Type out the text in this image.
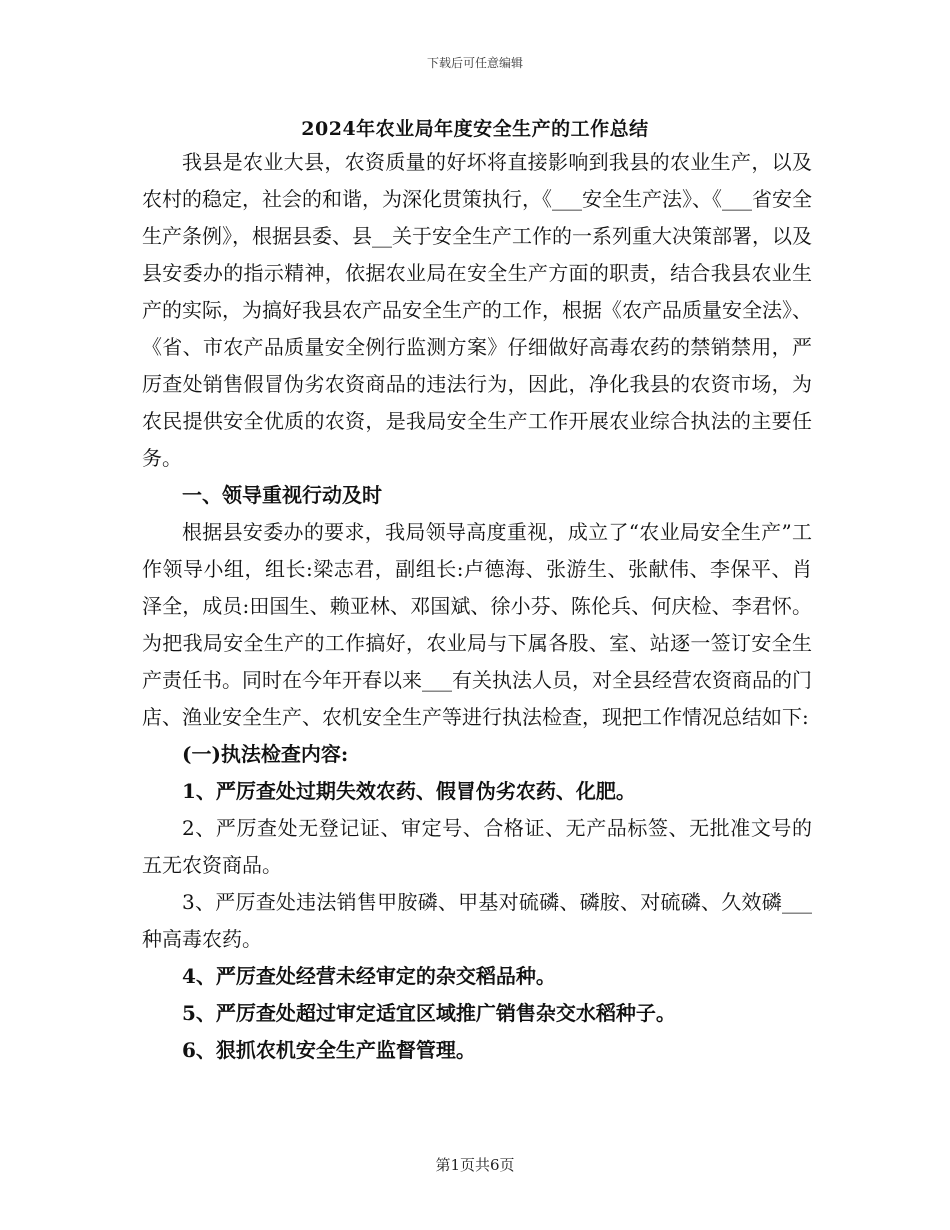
下载后可任意编辑
2024年农业局年度安全生产的工作总结

我县是农业大县，农资质量的好坏将直接影响到我县的农业生产，以及农村的稳定，社会的和谐，为深化贯策执行，《___安全生产法》、《___省安全生产条例》，根据县委、县__关于安全生产工作的一系列重大决策部署，以及县安委办的指示精神，依据农业局在安全生产方面的职责，结合我县农业生产的实际，为搞好我县农产品安全生产的工作，根据《农产品质量安全法》、《省、市农产品质量安全例行监测方案》仔细做好高毒农药的禁销禁用，严厉查处销售假冒伪劣农资商品的违法行为，因此，净化我县的农资市场，为农民提供安全优质的农资，是我局安全生产工作开展农业综合执法的主要任务。

一、领导重视行动及时

根据县安委办的要求，我局领导高度重视，成立了“农业局安全生产”工作领导小组，组长:梁志君，副组长:卢德海、张游生、张献伟、李保平、肖泽全，成员:田国生、赖亚林、邓国斌、徐小芬、陈伦兵、何庆检、李君怀。为把我局安全生产的工作搞好，农业局与下属各股、室、站逐一签订安全生产责任书。同时在今年开春以来___有关执法人员，对全县经营农资商品的门店、渔业安全生产、农机安全生产等进行执法检查，现把工作情况总结如下:

(一)执法检查内容:

1、严厉查处过期失效农药、假冒伪劣农药、化肥。

2、严厉查处无登记证、审定号、合格证、无产品标签、无批准文号的五无农资商品。

3、严厉查处违法销售甲胺磷、甲基对硫磷、磷胺、对硫磷、久效磷___种高毒农药。

4、严厉查处经营未经审定的杂交稻品种。

5、严厉查处超过审定适宜区域推广销售杂交水稻种子。

6、狠抓农机安全生产监督管理。

第1页共6页
